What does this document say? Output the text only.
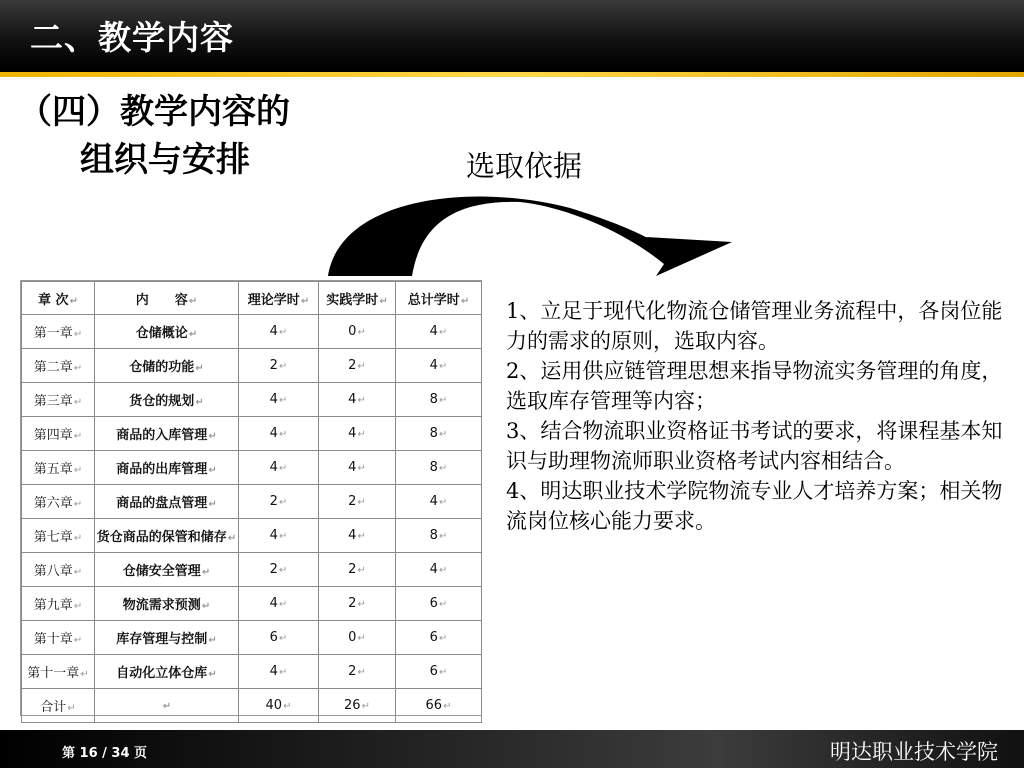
二、教学内容
（四）教学内容的
组织与安排	选取依据
章 次↵	内　　容↵	理论学时↵	实践学时↵	总计学时↵
第一章↵	仓储概论↵	4↵	0↵	4↵
第二章↵	仓储的功能↵	2↵	2↵	4↵
第三章↵	货仓的规划↵	4↵	4↵	8↵
第四章↵	商品的入库管理↵	4↵	4↵	8↵
第五章↵	商品的出库管理↵	4↵	4↵	8↵
第六章↵	商品的盘点管理↵	2↵	2↵	4↵
第七章↵	货仓商品的保管和储存↵	4↵	4↵	8↵
第八章↵	仓储安全管理↵	2↵	2↵	4↵
第九章↵	物流需求预测↵	4↵	2↵	6↵
第十章↵	库存管理与控制↵	6↵	0↵	6↵
第十一章↵	自动化立体仓库↵	4↵	2↵	6↵
合计↵	↵	40↵	26↵	66↵

1、立足于现代化物流仓储管理业务流程中，各岗位能力的需求的原则，选取内容。

2、运用供应链管理思想来指导物流实务管理的角度，选取库存管理等内容；

3、结合物流职业资格证书考试的要求，将课程基本知识与助理物流师职业资格考试内容相结合。

4、明达职业技术学院物流专业人才培养方案；相关物流岗位核心能力要求。

第 16 / 34 页	明达职业技术学院
